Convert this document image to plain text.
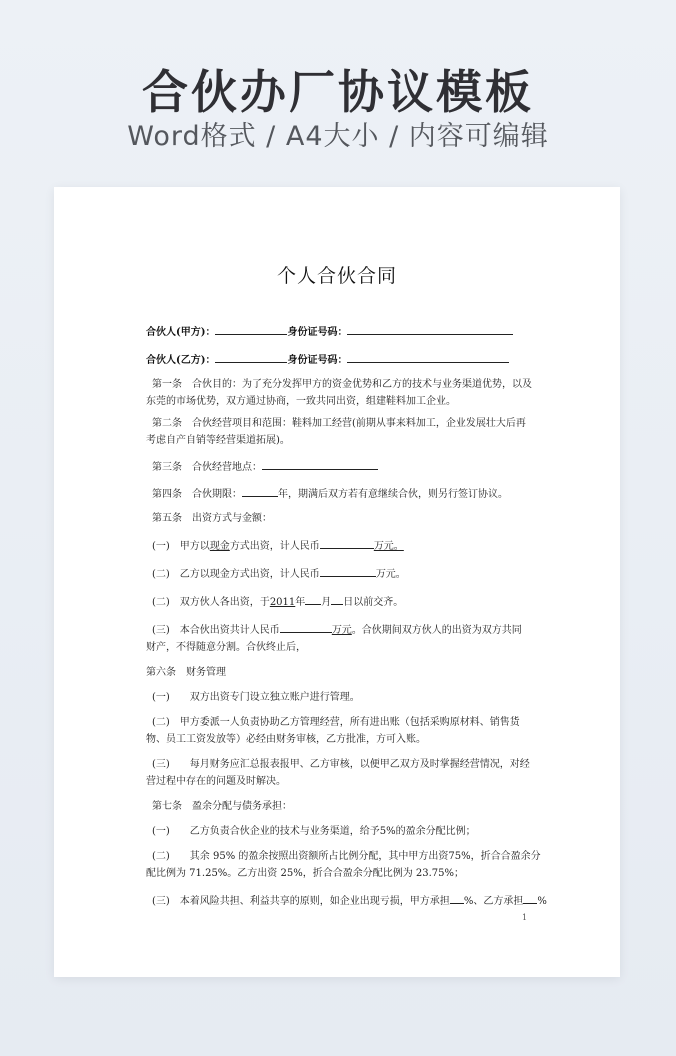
合伙办厂协议模板
Word格式 / A4大小 / 内容可编辑
个人合伙合同
合伙人(甲方)：	身份证号码：
合伙人(乙方)：	身份证号码：
第一条　合伙目的：为了充分发挥甲方的资金优势和乙方的技术与业务渠道优势，以及
东莞的市场优势，双方通过协商，一致共同出资，组建鞋料加工企业。
第二条　合伙经营项目和范围：鞋料加工经营(前期从事来料加工，企业发展壮大后再
考虑自产自销等经营渠道拓展)。
第三条　合伙经营地点：
第四条　合伙期限：	年，期满后双方若有意继续合伙，则另行签订协议。
第五条　出资方式与金额：
(一)　甲方以现金方式出资，计人民币	万元。
(二)　乙方以现金方式出资，计人民币	万元。
(二)　双方伙人各出资，于2011年 月 日以前交齐。
(三)　本合伙出资共计人民币	万元。合伙期间双方伙人的出资为双方共同
财产，不得随意分割。合伙终止后，
第六条　财务管理
(一)　　双方出资专门设立独立账户进行管理。
(二)　甲方委派一人负责协助乙方管理经营，所有进出账（包括采购原材料、销售货
物、员工工资发放等）必经由财务审核，乙方批准，方可入账。
(三)　　每月财务应汇总报表报甲、乙方审核，以便甲乙双方及时掌握经营情况，对经
营过程中存在的问题及时解决。
第七条　盈余分配与债务承担：
(一)　　乙方负责合伙企业的技术与业务渠道，给予5%的盈余分配比例；
(二)　　其余 95% 的盈余按照出资额所占比例分配，其中甲方出资75%，折合合盈余分
配比例为 71.25%。乙方出资 25%，折合合盈余分配比例为 23.75%；
(三)　本着风险共担、利益共享的原则，如企业出现亏损，甲方承担 %、乙方承担 %
1
